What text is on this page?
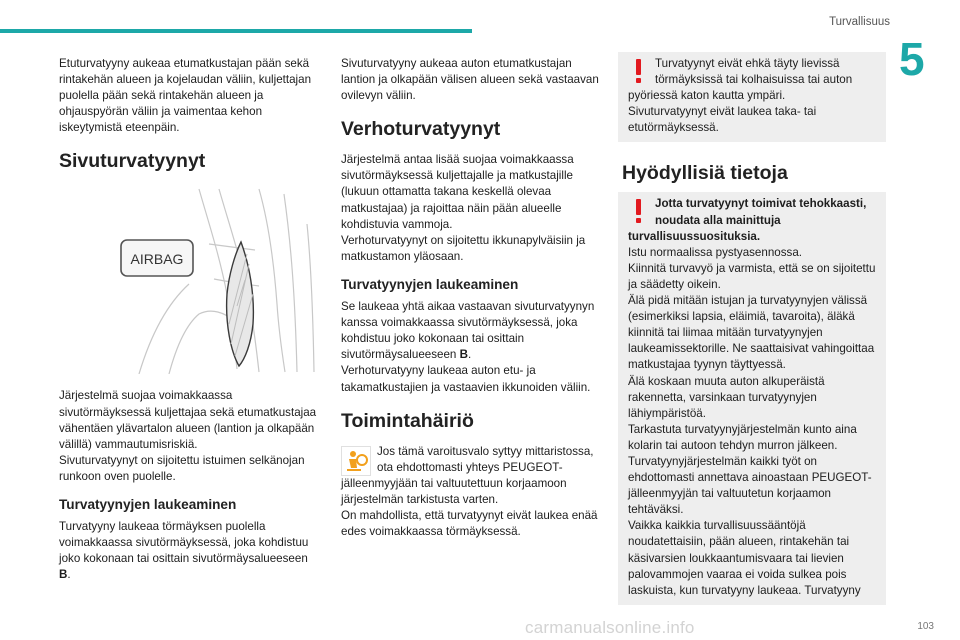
Turvallisuus
5

Etuturvatyyny aukeaa etumatkustajan pään sekä rintakehän alueen ja kojelaudan väliin, kuljettajan puolella pään sekä rintakehän alueen ja ohjauspyörän väliin ja vaimentaa kehon iskeytymistä eteenpäin.

Sivuturvatyynyt
AIRBAG

Järjestelmä suojaa voimakkaassa sivutörmäyksessä kuljettajaa sekä etumatkustajaa vähentäen ylävartalon alueen (lantion ja olkapään välillä) vammautumisriskiä.

Sivuturvatyynyt on sijoitettu istuimen selkänojan runkoon oven puolelle.

Turvatyynyjen laukeaminen

Turvatyyny laukeaa törmäyksen puolella voimakkaassa sivutörmäyksessä, joka kohdistuu joko kokonaan tai osittain sivutörmäysalueeseen B.

Sivuturvatyyny aukeaa auton etumatkustajan lantion ja olkapään välisen alueen sekä vastaavan ovilevyn väliin.

Verhoturvatyynyt

Järjestelmä antaa lisää suojaa voimakkaassa sivutörmäyksessä kuljettajalle ja matkustajille (lukuun ottamatta takana keskellä olevaa matkustajaa) ja rajoittaa näin pään alueelle kohdistuvia vammoja.

Verhoturvatyynyt on sijoitettu ikkunapylväisiin ja matkustamon yläosaan.

Turvatyynyjen laukeaminen

Se laukeaa yhtä aikaa vastaavan sivuturvatyynyn kanssa voimakkaassa sivutörmäyksessä, joka kohdistuu joko kokonaan tai osittain sivutörmäysalueeseen B.

Verhoturvatyyny laukeaa auton etu- ja takamatkustajien ja vastaavien ikkunoiden väliin.

Toimintahäiriö

Jos tämä varoitusvalo syttyy mittaristossa, ota ehdottomasti yhteys PEUGEOT-jälleenmyyjään tai valtuutettuun korjaamoon järjestelmän tarkistusta varten.

On mahdollista, että turvatyynyt eivät laukea enää edes voimakkaassa törmäyksessä.

Turvatyynyt eivät ehkä täyty lievissä törmäyksissä tai kolhaisuissa tai auton pyöriessä katon kautta ympäri.

Sivuturvatyynyt eivät laukea taka- tai etutörmäyksessä.

Hyödyllisiä tietoja

Jotta turvatyynyt toimivat tehokkaasti, noudata alla mainittuja turvallisuussuosituksia.

Istu normaalissa pystyasennossa.

Kiinnitä turvavyö ja varmista, että se on sijoitettu ja säädetty oikein.

Älä pidä mitään istujan ja turvatyynyjen välissä (esimerkiksi lapsia, eläimiä, tavaroita), äläkä kiinnitä tai liimaa mitään turvatyynyjen laukeamissektorille. Ne saattaisivat vahingoittaa matkustajaa tyynyn täyttyessä.

Älä koskaan muuta auton alkuperäistä rakennetta, varsinkaan turvatyynyjen lähiympäristöä.

Tarkastuta turvatyynyjärjestelmän kunto aina kolarin tai autoon tehdyn murron jälkeen.

Turvatyynyjärjestelmän kaikki työt on ehdottomasti annettava ainoastaan PEUGEOT-jälleenmyyjän tai valtuutetun korjaamon tehtäväksi.

Vaikka kaikkia turvallisuussääntöjä noudatettaisiin, pään alueen, rintakehän tai käsivarsien loukkaantumisvaara tai lievien palovammojen vaaraa ei voida sulkea pois laskuista, kun turvatyyny laukeaa. Turvatyyny

103
carmanualsonline.info
